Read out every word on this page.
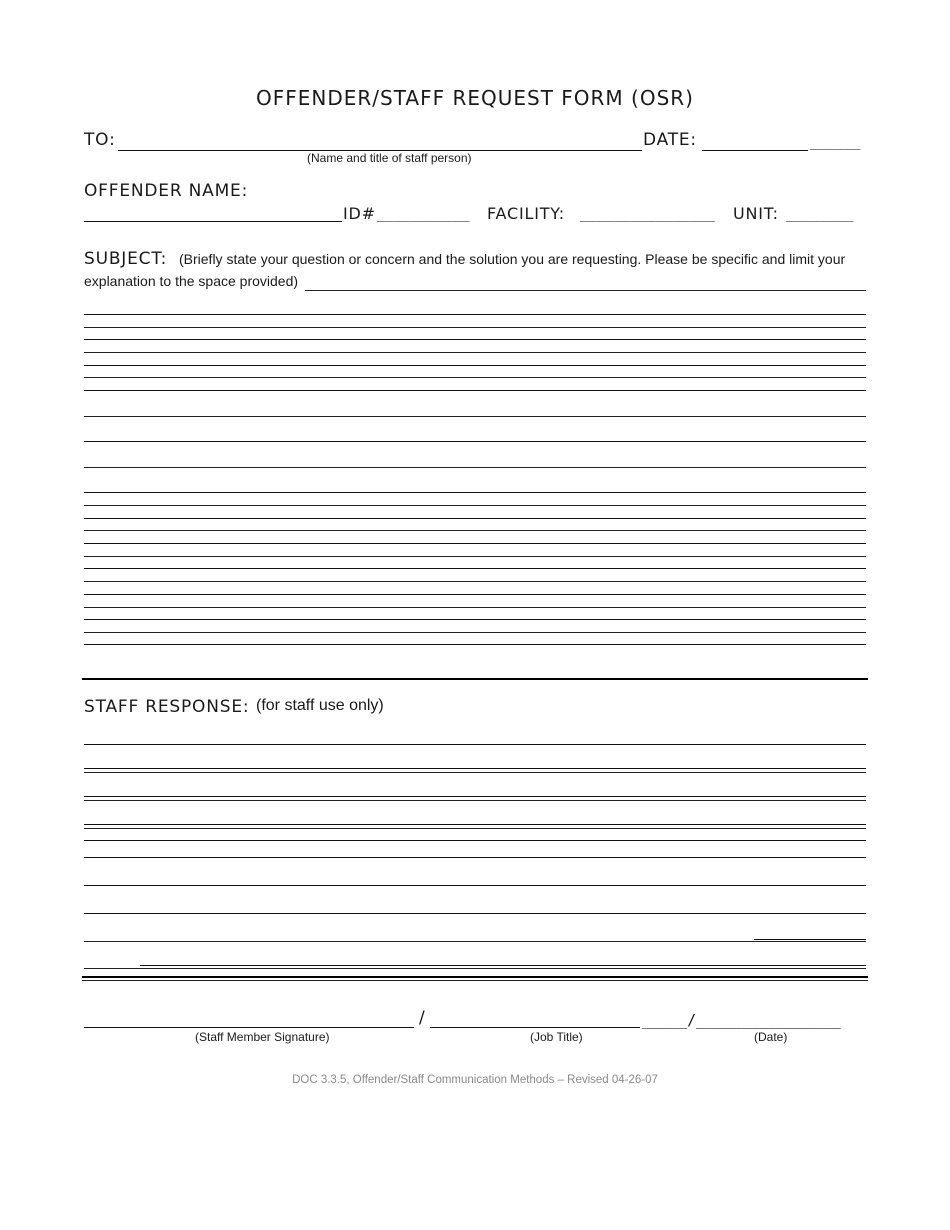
OFFENDER/STAFF REQUEST FORM (OSR)
TO:	DATE:	______
(Name and title of staff person)
OFFENDER NAME:
ID# ___________ FACILITY: ________________ UNIT: ________
SUBJECT: (Briefly state your question or concern and the solution you are requesting. Please be specific and limit your
explanation to the space provided)
STAFF RESPONSE: (for staff use only)
/	_____/________________
(Staff Member Signature)	(Job Title)	(Date)
DOC 3.3.5, Offender/Staff Communication Methods – Revised 04-26-07
